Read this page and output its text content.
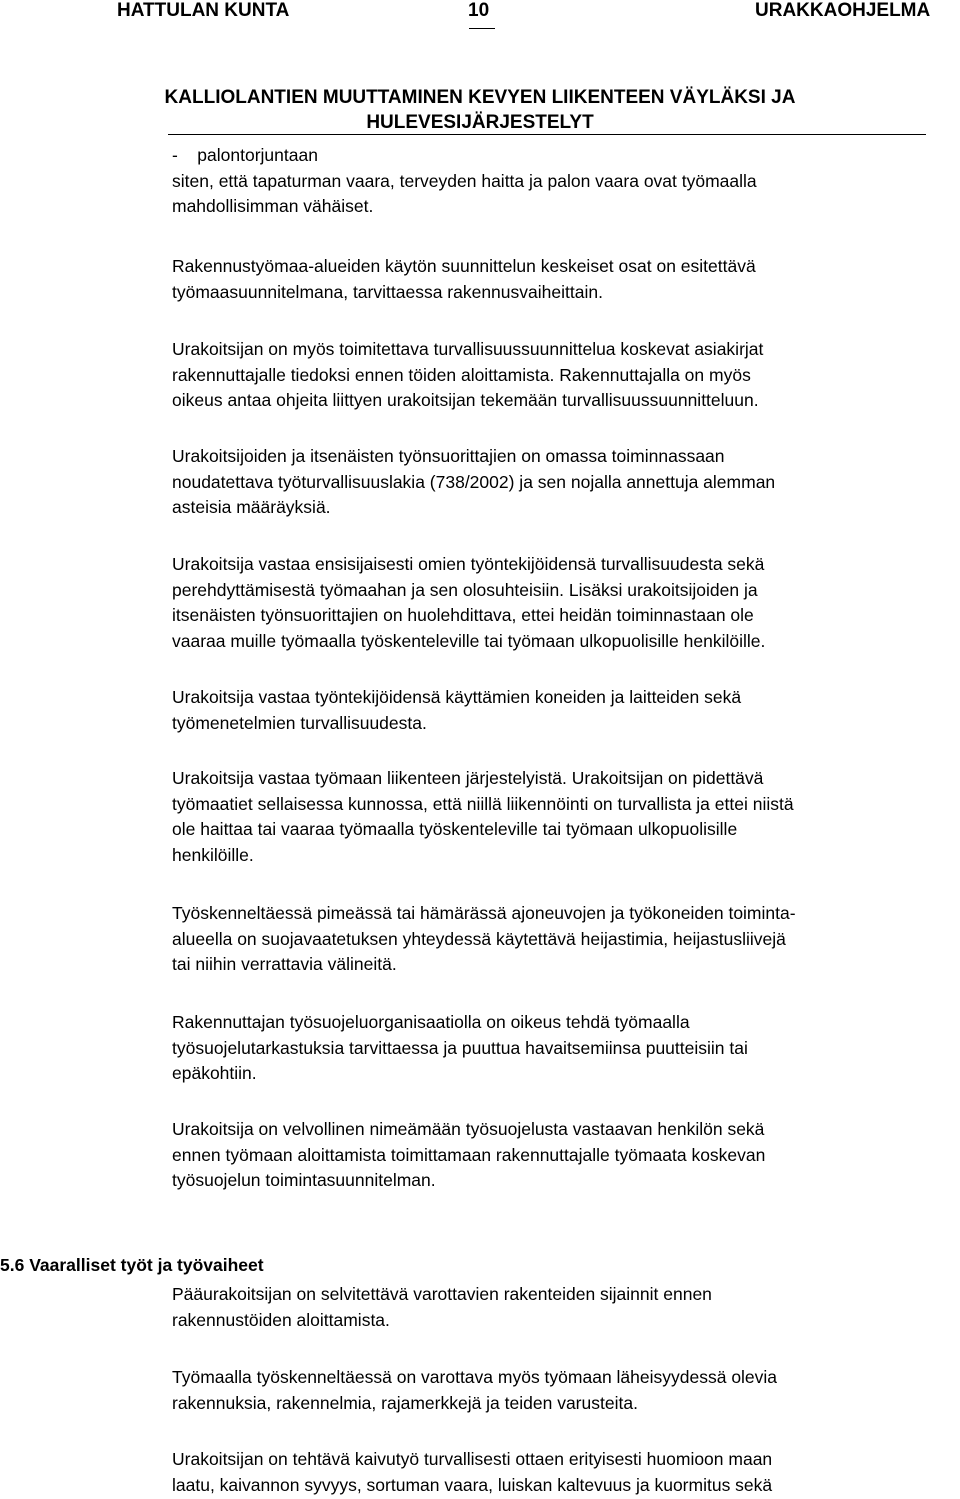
HATTULAN KUNTA	10	URAKKAOHJELMA
KALLIOLANTIEN MUUTTAMINEN KEVYEN LIIKENTEEN VÄYLÄKSI JA
HULEVESIJÄRJESTELYT

-    palontorjuntaan

siten, että tapaturman vaara, terveyden haitta ja palon vaara ovat työmaalla

mahdollisimman vähäiset.

Rakennustyömaa-alueiden käytön suunnittelun keskeiset osat on esitettävä

työmaasuunnitelmana, tarvittaessa rakennusvaiheittain.

Urakoitsijan on myös toimitettava turvallisuussuunnittelua koskevat asiakirjat

rakennuttajalle tiedoksi ennen töiden aloittamista. Rakennuttajalla on myös

oikeus antaa ohjeita liittyen urakoitsijan tekemään turvallisuussuunnitteluun.

Urakoitsijoiden ja itsenäisten työnsuorittajien on omassa toiminnassaan

noudatettava työturvallisuuslakia (738/2002) ja sen nojalla annettuja alemman

asteisia määräyksiä.

Urakoitsija vastaa ensisijaisesti omien työntekijöidensä turvallisuudesta sekä

perehdyttämisestä työmaahan ja sen olosuhteisiin. Lisäksi urakoitsijoiden ja

itsenäisten työnsuorittajien on huolehdittava, ettei heidän toiminnastaan ole

vaaraa muille työmaalla työskenteleville tai työmaan ulkopuolisille henkilöille.

Urakoitsija vastaa työntekijöidensä käyttämien koneiden ja laitteiden sekä

työmenetelmien turvallisuudesta.

Urakoitsija vastaa työmaan liikenteen järjestelyistä. Urakoitsijan on pidettävä

työmaatiet sellaisessa kunnossa, että niillä liikennöinti on turvallista ja ettei niistä

ole haittaa tai vaaraa työmaalla työskenteleville tai työmaan ulkopuolisille

henkilöille.

Työskenneltäessä pimeässä tai hämärässä ajoneuvojen ja työkoneiden toiminta-

alueella on suojavaatetuksen yhteydessä käytettävä heijastimia, heijastusliivejä

tai niihin verrattavia välineitä.

Rakennuttajan työsuojeluorganisaatiolla on oikeus tehdä työmaalla

työsuojelutarkastuksia tarvittaessa ja puuttua havaitsemiinsa puutteisiin tai

epäkohtiin.

Urakoitsija on velvollinen nimeämään työsuojelusta vastaavan henkilön sekä

ennen työmaan aloittamista toimittamaan rakennuttajalle työmaata koskevan

työsuojelun toimintasuunnitelman.

5.6 Vaaralliset työt ja työvaiheet

Pääurakoitsijan on selvitettävä varottavien rakenteiden sijainnit ennen

rakennustöiden aloittamista.

Työmaalla työskenneltäessä on varottava myös työmaan läheisyydessä olevia

rakennuksia, rakennelmia, rajamerkkejä ja teiden varusteita.

Urakoitsijan on tehtävä kaivutyö turvallisesti ottaen erityisesti huomioon maan

laatu, kaivannon syvyys, sortuman vaara, luiskan kaltevuus ja kuormitus sekä
